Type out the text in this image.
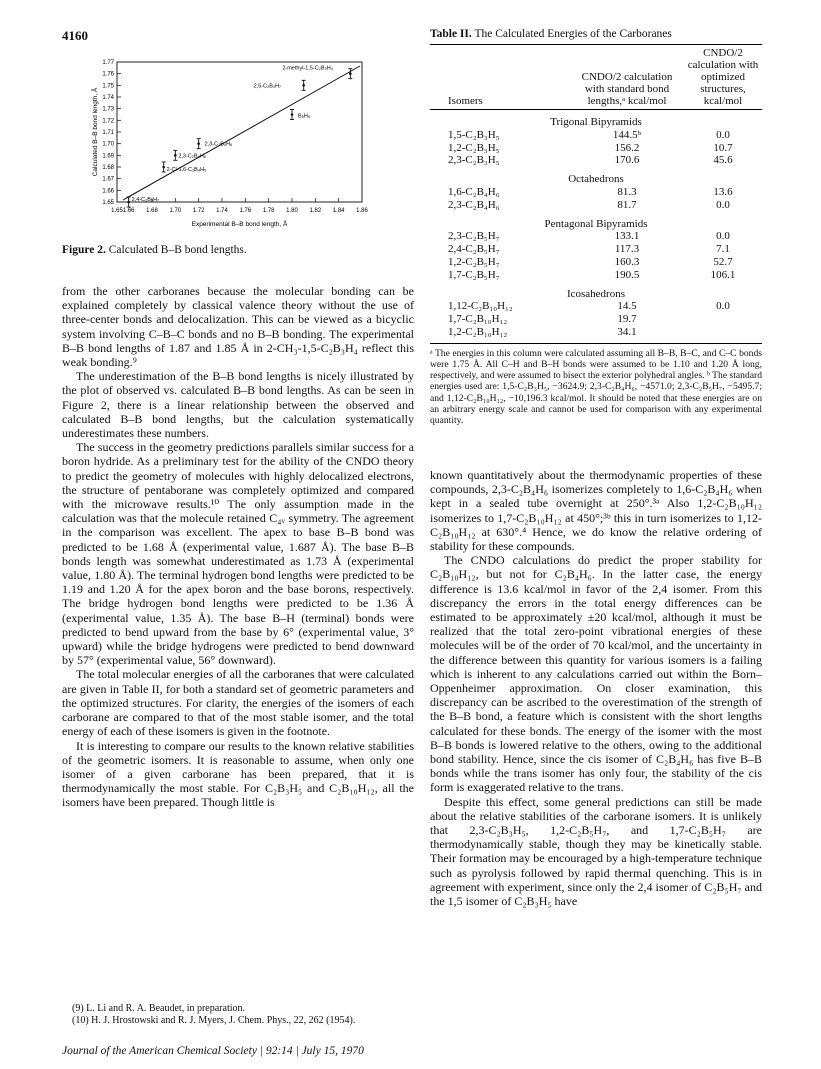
4160
1.65 1.66 1.68 1.70 1.72 1.74 1.76 1.78 1.80 1.82 1.84 1.86
1.77
1.76
1.75
1.74
1.73
1.72
1.71
1.70
1.69
1.68
1.67
1.66
1.65
Experimental B–B bond length, Å
Calculated B–B bond length, Å
2-methyl-1,5-C₂B₃H₄
2,5-C₂B₃H₇
B₅H₉
2,3-C₂B₄H₆
2,3-C₂B₄H₆
2-Cl-1,6-C₂B₄H₅
2,4-C₂B₅H₇
Figure 2. Calculated B–B bond lengths.

from the other carboranes because the molecular bonding can be explained completely by classical valence theory without the use of three-center bonds and delocalization. This can be viewed as a bicyclic system involving C–B–C bonds and no B–B bonding. The experimental B–B bond lengths of 1.87 and 1.85 Å in 2-CH₃-1,5-C₂B₃H₄ reflect this weak bonding.⁹

The underestimation of the B–B bond lengths is nicely illustrated by the plot of observed vs. calculated B–B bond lengths. As can be seen in Figure 2, there is a linear relationship between the observed and calculated B–B bond lengths, but the calculation systematically underestimates these numbers.

The success in the geometry predictions parallels similar success for a boron hydride. As a preliminary test for the ability of the CNDO theory to predict the geometry of molecules with highly delocalized electrons, the structure of pentaborane was completely optimized and compared with the microwave results.¹⁰ The only assumption made in the calculation was that the molecule retained C₄ᵥ symmetry. The agreement in the comparison was excellent. The apex to base B–B bond was predicted to be 1.68 Å (experimental value, 1.687 Å). The base B–B bonds length was somewhat underestimated as 1.73 Å (experimental value, 1.80 Å). The terminal hydrogen bond lengths were predicted to be 1.19 and 1.20 Å for the apex boron and the base borons, respectively. The bridge hydrogen bond lengths were predicted to be 1.36 Å (experimental value, 1.35 Å). The base B–H (terminal) bonds were predicted to bend upward from the base by 6° (experimental value, 3° upward) while the bridge hydrogens were predicted to bend downward by 57° (experimental value, 56° downward).

The total molecular energies of all the carboranes that were calculated are given in Table II, for both a standard set of geometric parameters and the optimized structures. For clarity, the energies of the isomers of each carborane are compared to that of the most stable isomer, and the total energy of each of these isomers is given in the footnote.

It is interesting to compare our results to the known relative stabilities of the geometric isomers. It is reasonable to assume, when only one isomer of a given carborane has been prepared, that it is thermodynamically the most stable. For C₂B₃H₅ and C₂B₁₀H₁₂, all the isomers have been prepared. Though little is

Table II. The Calculated Energies of the Carboranes
Isomers	CNDO/2 calculation with standard bond lengths,ᵃ kcal/mol	CNDO/2 calculation with optimized structures, kcal/mol
Trigonal Bipyramids		
1,5-C₂B₃H₅	144.5ᵇ	0.0
1,2-C₂B₃H₅	156.2	10.7
2,3-C₂B₃H₅	170.6	45.6
Octahedrons		
1,6-C₂B₄H₆	81.3	13.6
2,3-C₂B₄H₆	81.7	0.0
Pentagonal Bipyramids		
2,3-C₂B₅H₇	133.1	0.0
2,4-C₂B₅H₇	117.3	7.1
1,2-C₂B₅H₇	160.3	52.7
1,7-C₂B₅H₇	190.5	106.1
Icosahedrons		
1,12-C₂B₁₀H₁₂	14.5	0.0
1,7-C₂B₁₀H₁₂	19.7	
1,2-C₂B₁₀H₁₂	34.1	
ᵃ The energies in this column were calculated assuming all B–B, B–C, and C–C bonds were 1.75 Å. All C–H and B–H bonds were assumed to be 1.10 and 1.20 Å long, respectively, and were assumed to bisect the exterior polyhedral angles. ᵇ The standard energies used are: 1,5-C₂B₃H₅, −3624.9; 2,3-C₂B₄H₆, −4571.0; 2,3-C₂B₅H₇, −5495.7; and 1,12-C₂B₁₀H₁₂, −10,196.3 kcal/mol. It should be noted that these energies are on an arbitrary energy scale and cannot be used for comparison with any experimental quantity.

known quantitatively about the thermodynamic properties of these compounds, 2,3-C₂B₄H₆ isomerizes completely to 1,6-C₂B₄H₆ when kept in a sealed tube overnight at 250°.³ᵃ Also 1,2-C₂B₁₀H₁₂ isomerizes to 1,7-C₂B₁₀H₁₂ at 450°;³ᵇ this in turn isomerizes to 1,12-C₂B₁₀H₁₂ at 630°.⁴ Hence, we do know the relative ordering of stability for these compounds.

The CNDO calculations do predict the proper stability for C₂B₁₀H₁₂, but not for C₂B₄H₆. In the latter case, the energy difference is 13.6 kcal/mol in favor of the 2,4 isomer. From this discrepancy the errors in the total energy differences can be estimated to be approximately ±20 kcal/mol, although it must be realized that the total zero-point vibrational energies of these molecules will be of the order of 70 kcal/mol, and the uncertainty in the difference between this quantity for various isomers is a failing which is inherent to any calculations carried out within the Born–Oppenheimer approximation. On closer examination, this discrepancy can be ascribed to the overestimation of the strength of the B–B bond, a feature which is consistent with the short lengths calculated for these bonds. The energy of the isomer with the most B–B bonds is lowered relative to the others, owing to the additional bond stability. Hence, since the cis isomer of C₂B₄H₆ has five B–B bonds while the trans isomer has only four, the stability of the cis form is exaggerated relative to the trans.

Despite this effect, some general predictions can still be made about the relative stabilities of the carborane isomers. It is unlikely that 2,3-C₂B₃H₅, 1,2-C₂B₅H₇, and 1,7-C₂B₅H₇ are thermodynamically stable, though they may be kinetically stable. Their formation may be encouraged by a high-temperature technique such as pyrolysis followed by rapid thermal quenching. This is in agreement with experiment, since only the 2,4 isomer of C₂B₅H₇ and the 1,5 isomer of C₂B₃H₅ have

(9) L. Li and R. A. Beaudet, in preparation.
(10) H. J. Hrostowski and R. J. Myers, J. Chem. Phys., 22, 262 (1954).
Journal of the American Chemical Society | 92:14 | July 15, 1970
